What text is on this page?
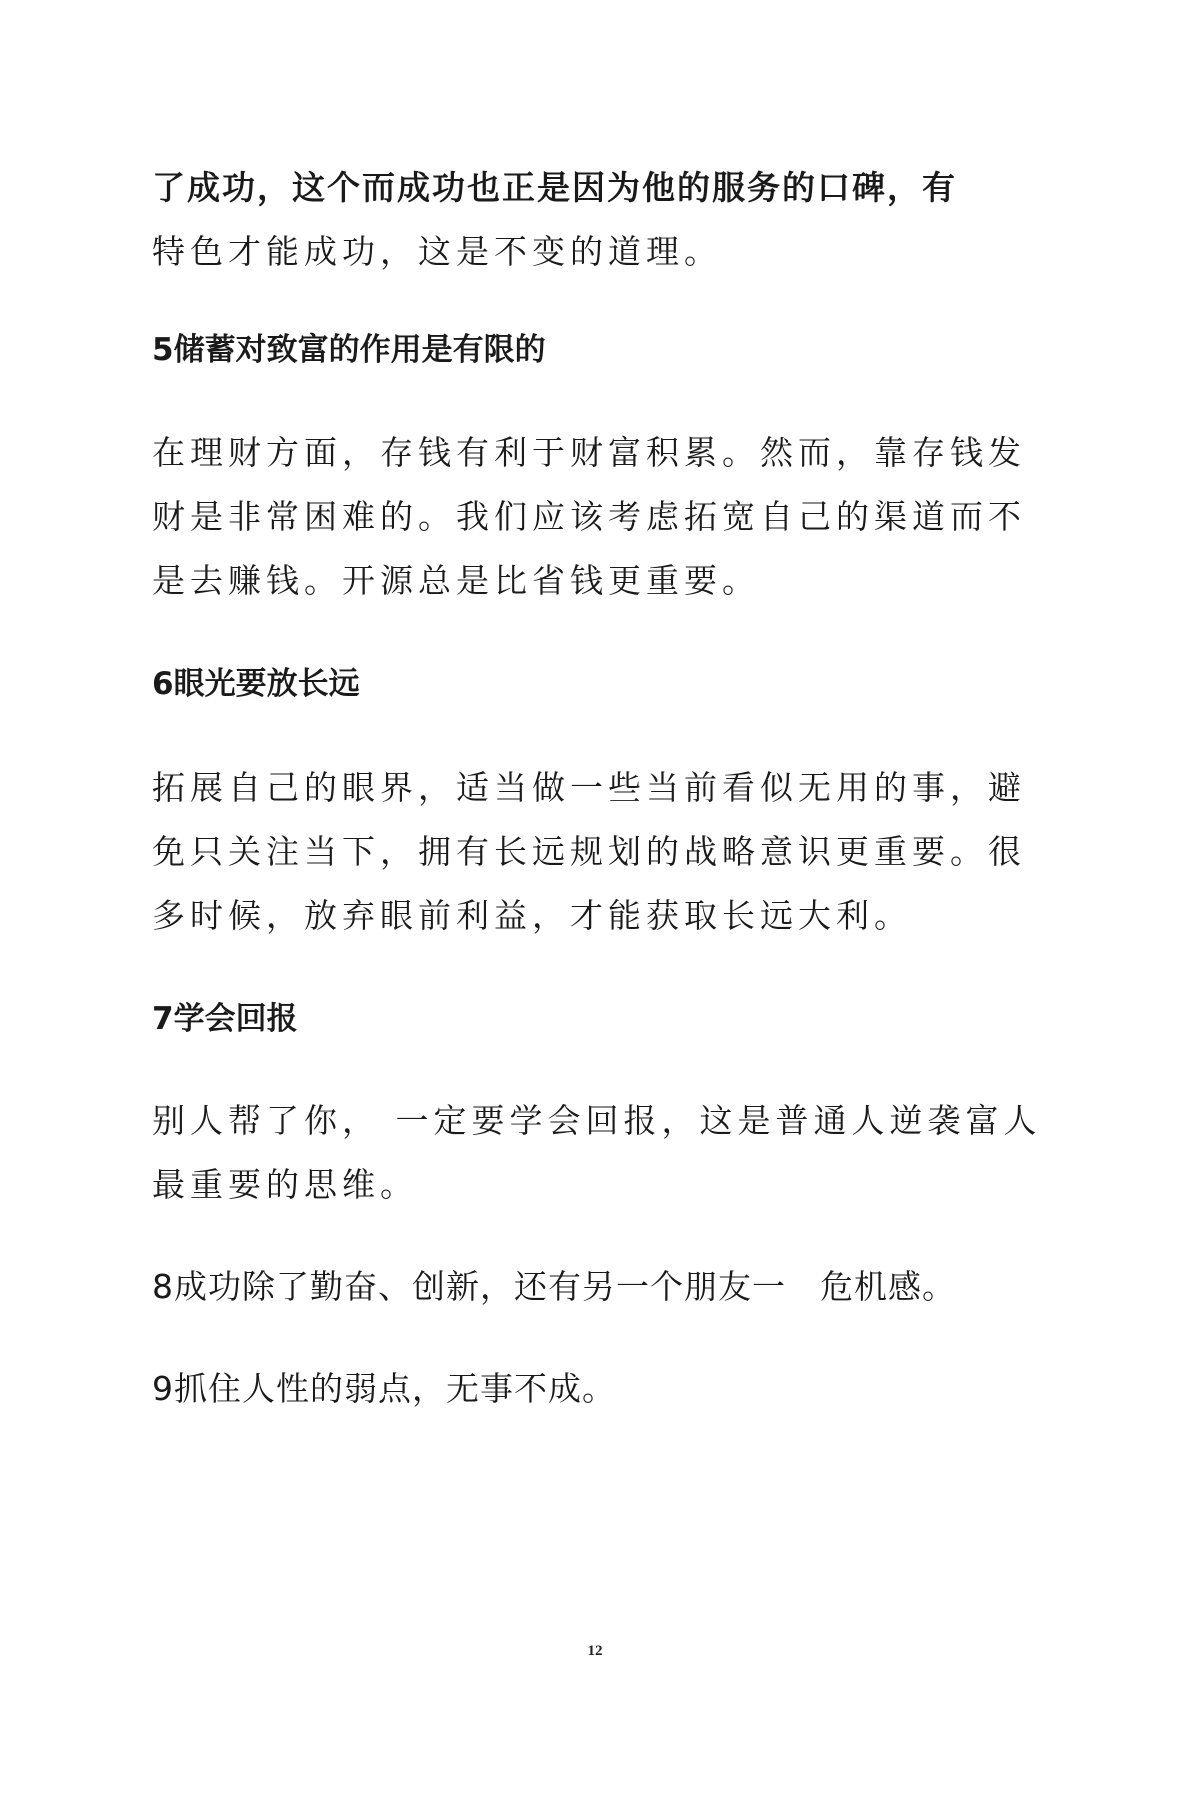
了成功，这个而成功也正是因为他的服务的口碑，有
特色才能成功，这是不变的道理。
5储蓄对致富的作用是有限的
在理财方面，存钱有利于财富积累。然而，靠存钱发
财是非常困难的。我们应该考虑拓宽自己的渠道而不
是去赚钱。开源总是比省钱更重要。
6眼光要放长远
拓展自己的眼界，适当做一些当前看似无用的事，避
免只关注当下，拥有长远规划的战略意识更重要。很
多时候，放弃眼前利益，才能获取长远大利。
7学会回报
别人帮了你， 一定要学会回报，这是普通人逆袭富人
最重要的思维。
8成功除了勤奋、创新，还有另一个朋友一　危机感。
9抓住人性的弱点，无事不成。
12
